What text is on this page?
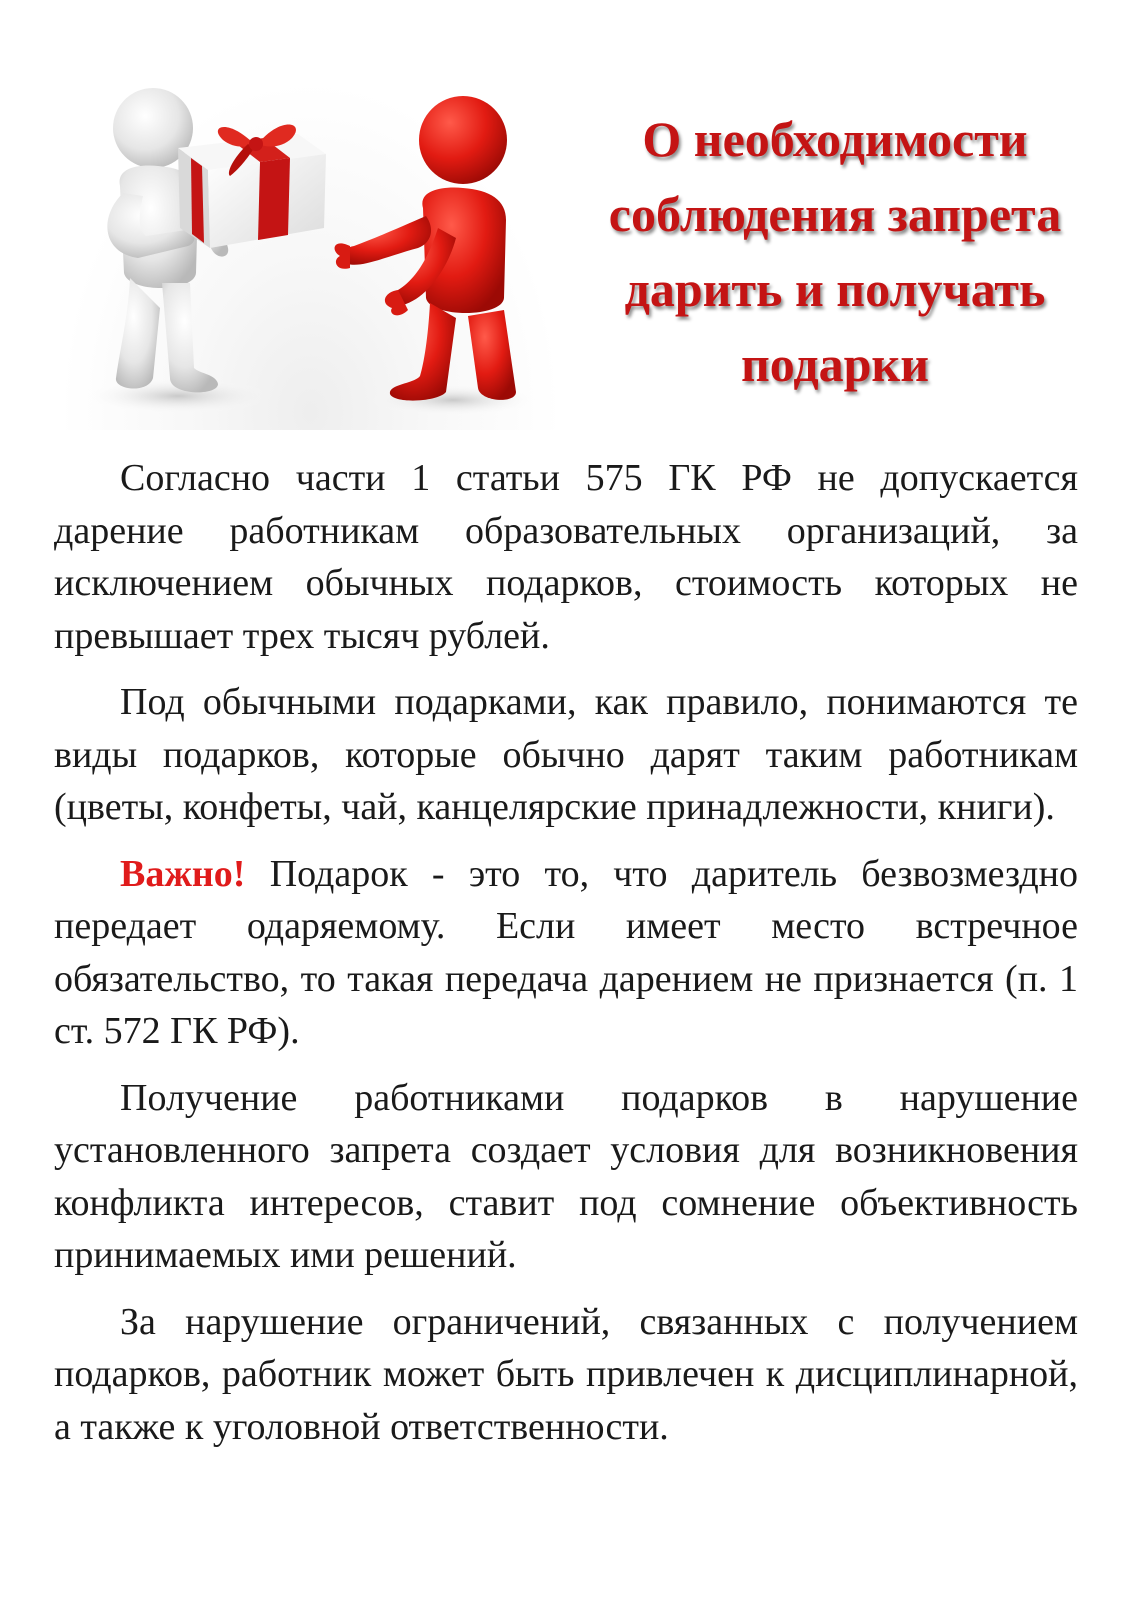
О необходимости
соблюдения запрета
дарить и получать
подарки

Согласно части 1 статьи 575 ГК РФ не допускается дарение работникам образовательных организаций, за исключением обычных подарков, стоимость которых не превышает трех тысяч рублей.

Под обычными подарками, как правило, понимаются те виды подарков, которые обычно дарят таким работникам (цветы, конфеты, чай, канцелярские принадлежности, книги).

Важно! Подарок - это то, что даритель безвозмездно передает одаряемому. Если имеет место встречное обязательство, то такая передача дарением не признается (п. 1 ст. 572 ГК РФ).

Получение работниками подарков в нарушение установленного запрета создает условия для возникновения конфликта интересов, ставит под сомнение объективность принимаемых ими решений.

За нарушение ограничений, связанных с получением подарков, работник может быть привлечен к дисциплинарной, а также к уголовной ответственности.
